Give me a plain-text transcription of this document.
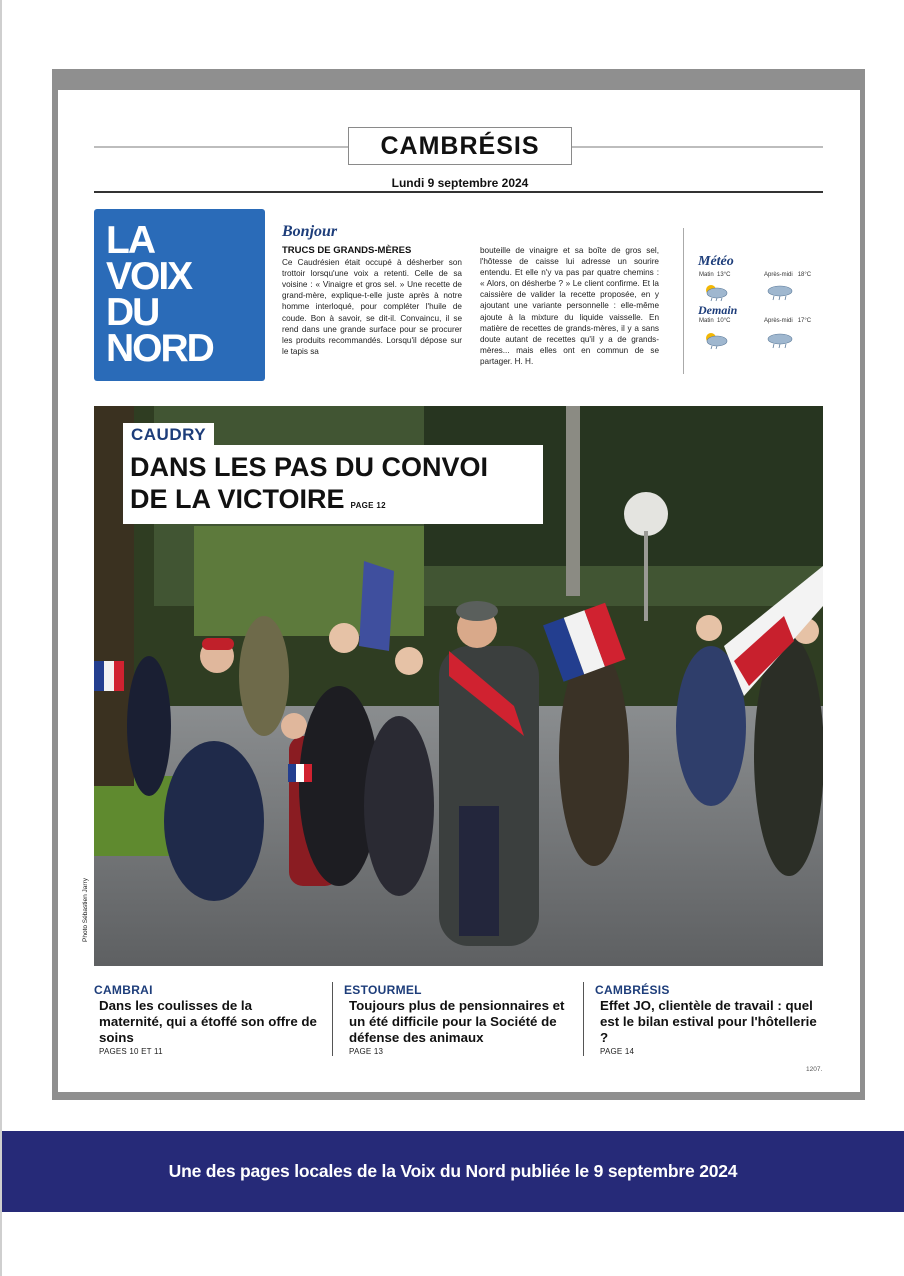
CAMBRÉSIS
Lundi 9 septembre 2024
LA
VOIX
DU
NORD
Bonjour
TRUCS DE GRANDS-MÈRES
Ce Caudrésien était occupé à désherber son trottoir lorsqu'une voix a retenti. Celle de sa voisine : « Vinaigre et gros sel. » Une recette de grand-mère, explique-t-elle juste après à notre homme interloqué, pour compléter l'huile de coude. Bon à savoir, se dit-il. Convaincu, il se rend dans une grande surface pour se procurer les produits recommandés. Lorsqu'il dépose sur le tapis sa
bouteille de vinaigre et sa boîte de gros sel, l'hôtesse de caisse lui adresse un sourire entendu. Et elle n'y va pas par quatre chemins : « Alors, on désherbe ? » Le client confirme. Et la caissière de valider la recette proposée, en y ajoutant une variante personnelle : elle-même ajoute à la mixture du liquide vaisselle. En matière de recettes de grands-mères, il y a sans doute autant de recettes qu'il y a de grands-mères... mais elles ont en commun de se partager. H. H.
Météo
Matin 13°C	Après-midi 18°C
Demain
Matin 10°C	Après-midi 17°C
CAUDRY
DANS LES PAS DU CONVOI
DE LA VICTOIRE PAGE 12
Photo Sébastien Jarry
CAMBRAI
Dans les coulisses de la maternité, qui a étoffé son offre de soins
PAGES 10 ET 11
ESTOURMEL
Toujours plus de pensionnaires et un été difficile pour la Société de défense des animaux
PAGE 13
CAMBRÉSIS
Effet JO, clientèle de travail : quel est le bilan estival pour l'hôtellerie ?
PAGE 14
1207.
Une des pages locales de la Voix du Nord publiée le 9 septembre 2024
